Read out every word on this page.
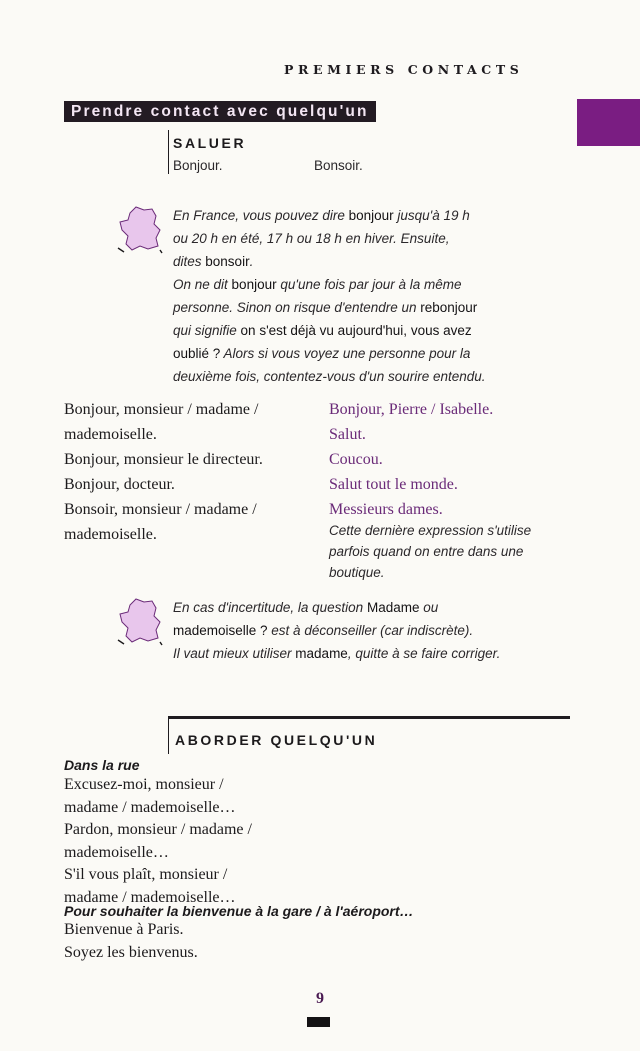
PREMIERS CONTACTS
Prendre contact avec quelqu'un
SALUER
Bonjour.	Bonsoir.
En France, vous pouvez dire bonjour jusqu'à 19 h
ou 20 h en été, 17 h ou 18 h en hiver. Ensuite,
dites bonsoir.
On ne dit bonjour qu'une fois par jour à la même
personne. Sinon on risque d'entendre un rebonjour
qui signifie on s'est déjà vu aujourd'hui, vous avez
oublié ? Alors si vous voyez une personne pour la
deuxième fois, contentez-vous d'un sourire entendu.
Bonjour, monsieur / madame /
mademoiselle.
Bonjour, monsieur le directeur.
Bonjour, docteur.
Bonsoir, monsieur / madame /
mademoiselle.
Bonjour, Pierre / Isabelle.
Salut.
Coucou.
Salut tout le monde.
Messieurs dames.
Cette dernière expression s'utilise
parfois quand on entre dans une
boutique.
En cas d'incertitude, la question Madame ou
mademoiselle ? est à déconseiller (car indiscrète).
Il vaut mieux utiliser madame, quitte à se faire corriger.
ABORDER QUELQU'UN
Dans la rue
Excusez-moi, monsieur /
madame / mademoiselle…
Pardon, monsieur / madame /
mademoiselle…
S'il vous plaît, monsieur /
madame / mademoiselle…
Pour souhaiter la bienvenue à la gare / à l'aéroport…
Bienvenue à Paris.
Soyez les bienvenus.
9
